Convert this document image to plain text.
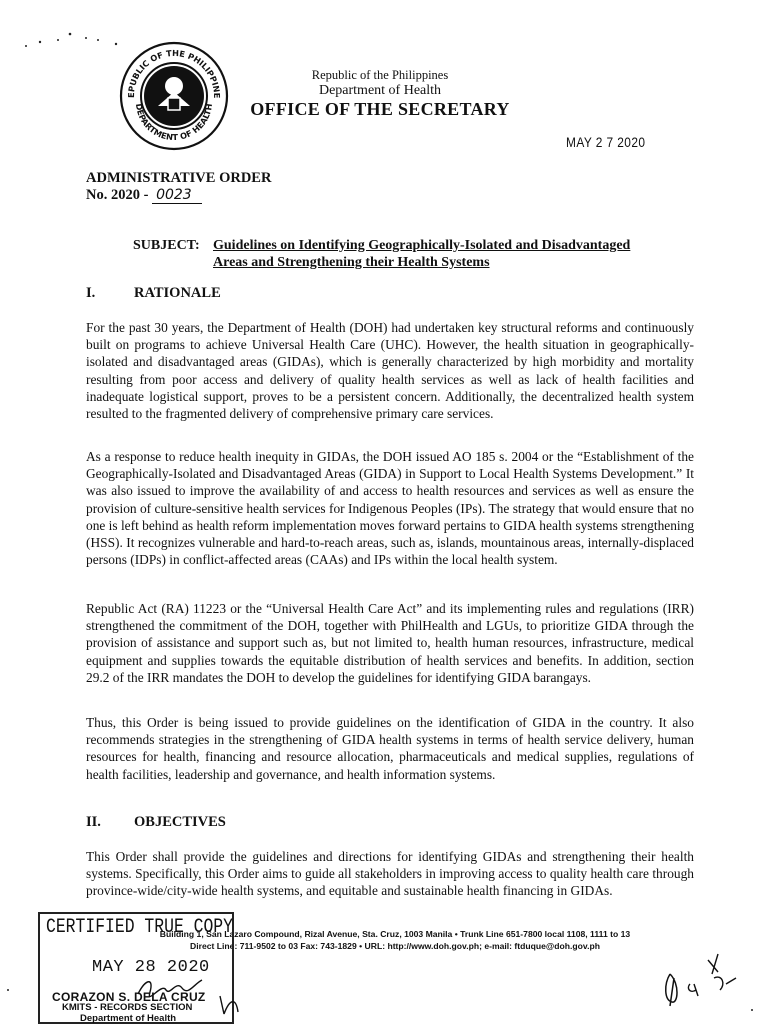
EPUBLIC OF THE PHILIPPINE
DEPARTMENT OF HEALTH
Republic of the Philippines
Department of Health
OFFICE OF THE SECRETARY
MAY 2 7 2020
ADMINISTRATIVE ORDER
No. 2020 - 0023
SUBJECT: Guidelines on Identifying Geographically-Isolated and Disadvantaged
Areas and Strengthening their Health Systems
I.	RATIONALE
For the past 30 years, the Department of Health (DOH) had undertaken key structural reforms and continuously built on programs to achieve Universal Health Care (UHC). However, the health situation in geographically-isolated and disadvantaged areas (GIDAs), which is generally characterized by high morbidity and mortality resulting from poor access and delivery of quality health services as well as lack of health facilities and inadequate logistical support, proves to be a persistent concern. Additionally, the decentralized health system resulted to the fragmented delivery of comprehensive primary care services.
As a response to reduce health inequity in GIDAs, the DOH issued AO 185 s. 2004 or the “Establishment of the Geographically-Isolated and Disadvantaged Areas (GIDA) in Support to Local Health Systems Development.” It was also issued to improve the availability of and access to health resources and services as well as ensure the provision of culture-sensitive health services for Indigenous Peoples (IPs). The strategy that would ensure that no one is left behind as health reform implementation moves forward pertains to GIDA health systems strengthening (HSS). It recognizes vulnerable and hard-to-reach areas, such as, islands, mountainous areas, internally-displaced persons (IDPs) in conflict-affected areas (CAAs) and IPs within the local health system.
Republic Act (RA) 11223 or the “Universal Health Care Act” and its implementing rules and regulations (IRR) strengthened the commitment of the DOH, together with PhilHealth and LGUs, to prioritize GIDA through the provision of assistance and support such as, but not limited to, health human resources, infrastructure, medical equipment and supplies towards the equitable distribution of health services and benefits. In addition, section 29.2 of the IRR mandates the DOH to develop the guidelines for identifying GIDA barangays.
Thus, this Order is being issued to provide guidelines on the identification of GIDA in the country. It also recommends strategies in the strengthening of GIDA health systems in terms of health service delivery, human resources for health, financing and resource allocation, pharmaceuticals and medical supplies, regulations of health facilities, leadership and governance, and health information systems.
II. OBJECTIVES
This Order shall provide the guidelines and directions for identifying GIDAs and strengthening their health systems. Specifically, this Order aims to guide all stakeholders in improving access to quality health care through province-wide/city-wide health systems, and equitable and sustainable health financing in GIDAs.
Building 1, San Lazaro Compound, Rizal Avenue, Sta. Cruz, 1003 Manila • Trunk Line 651-7800 local 1108, 1111 to 13
Direct Line: 711-9502 to 03 Fax: 743-1829 • URL: http://www.doh.gov.ph; e-mail: ftduque@doh.gov.ph
CERTIFIED TRUE COPY
MAY 28 2020
CORAZON S. DELA CRUZ
KMITS - RECORDS SECTION
Department of Health
